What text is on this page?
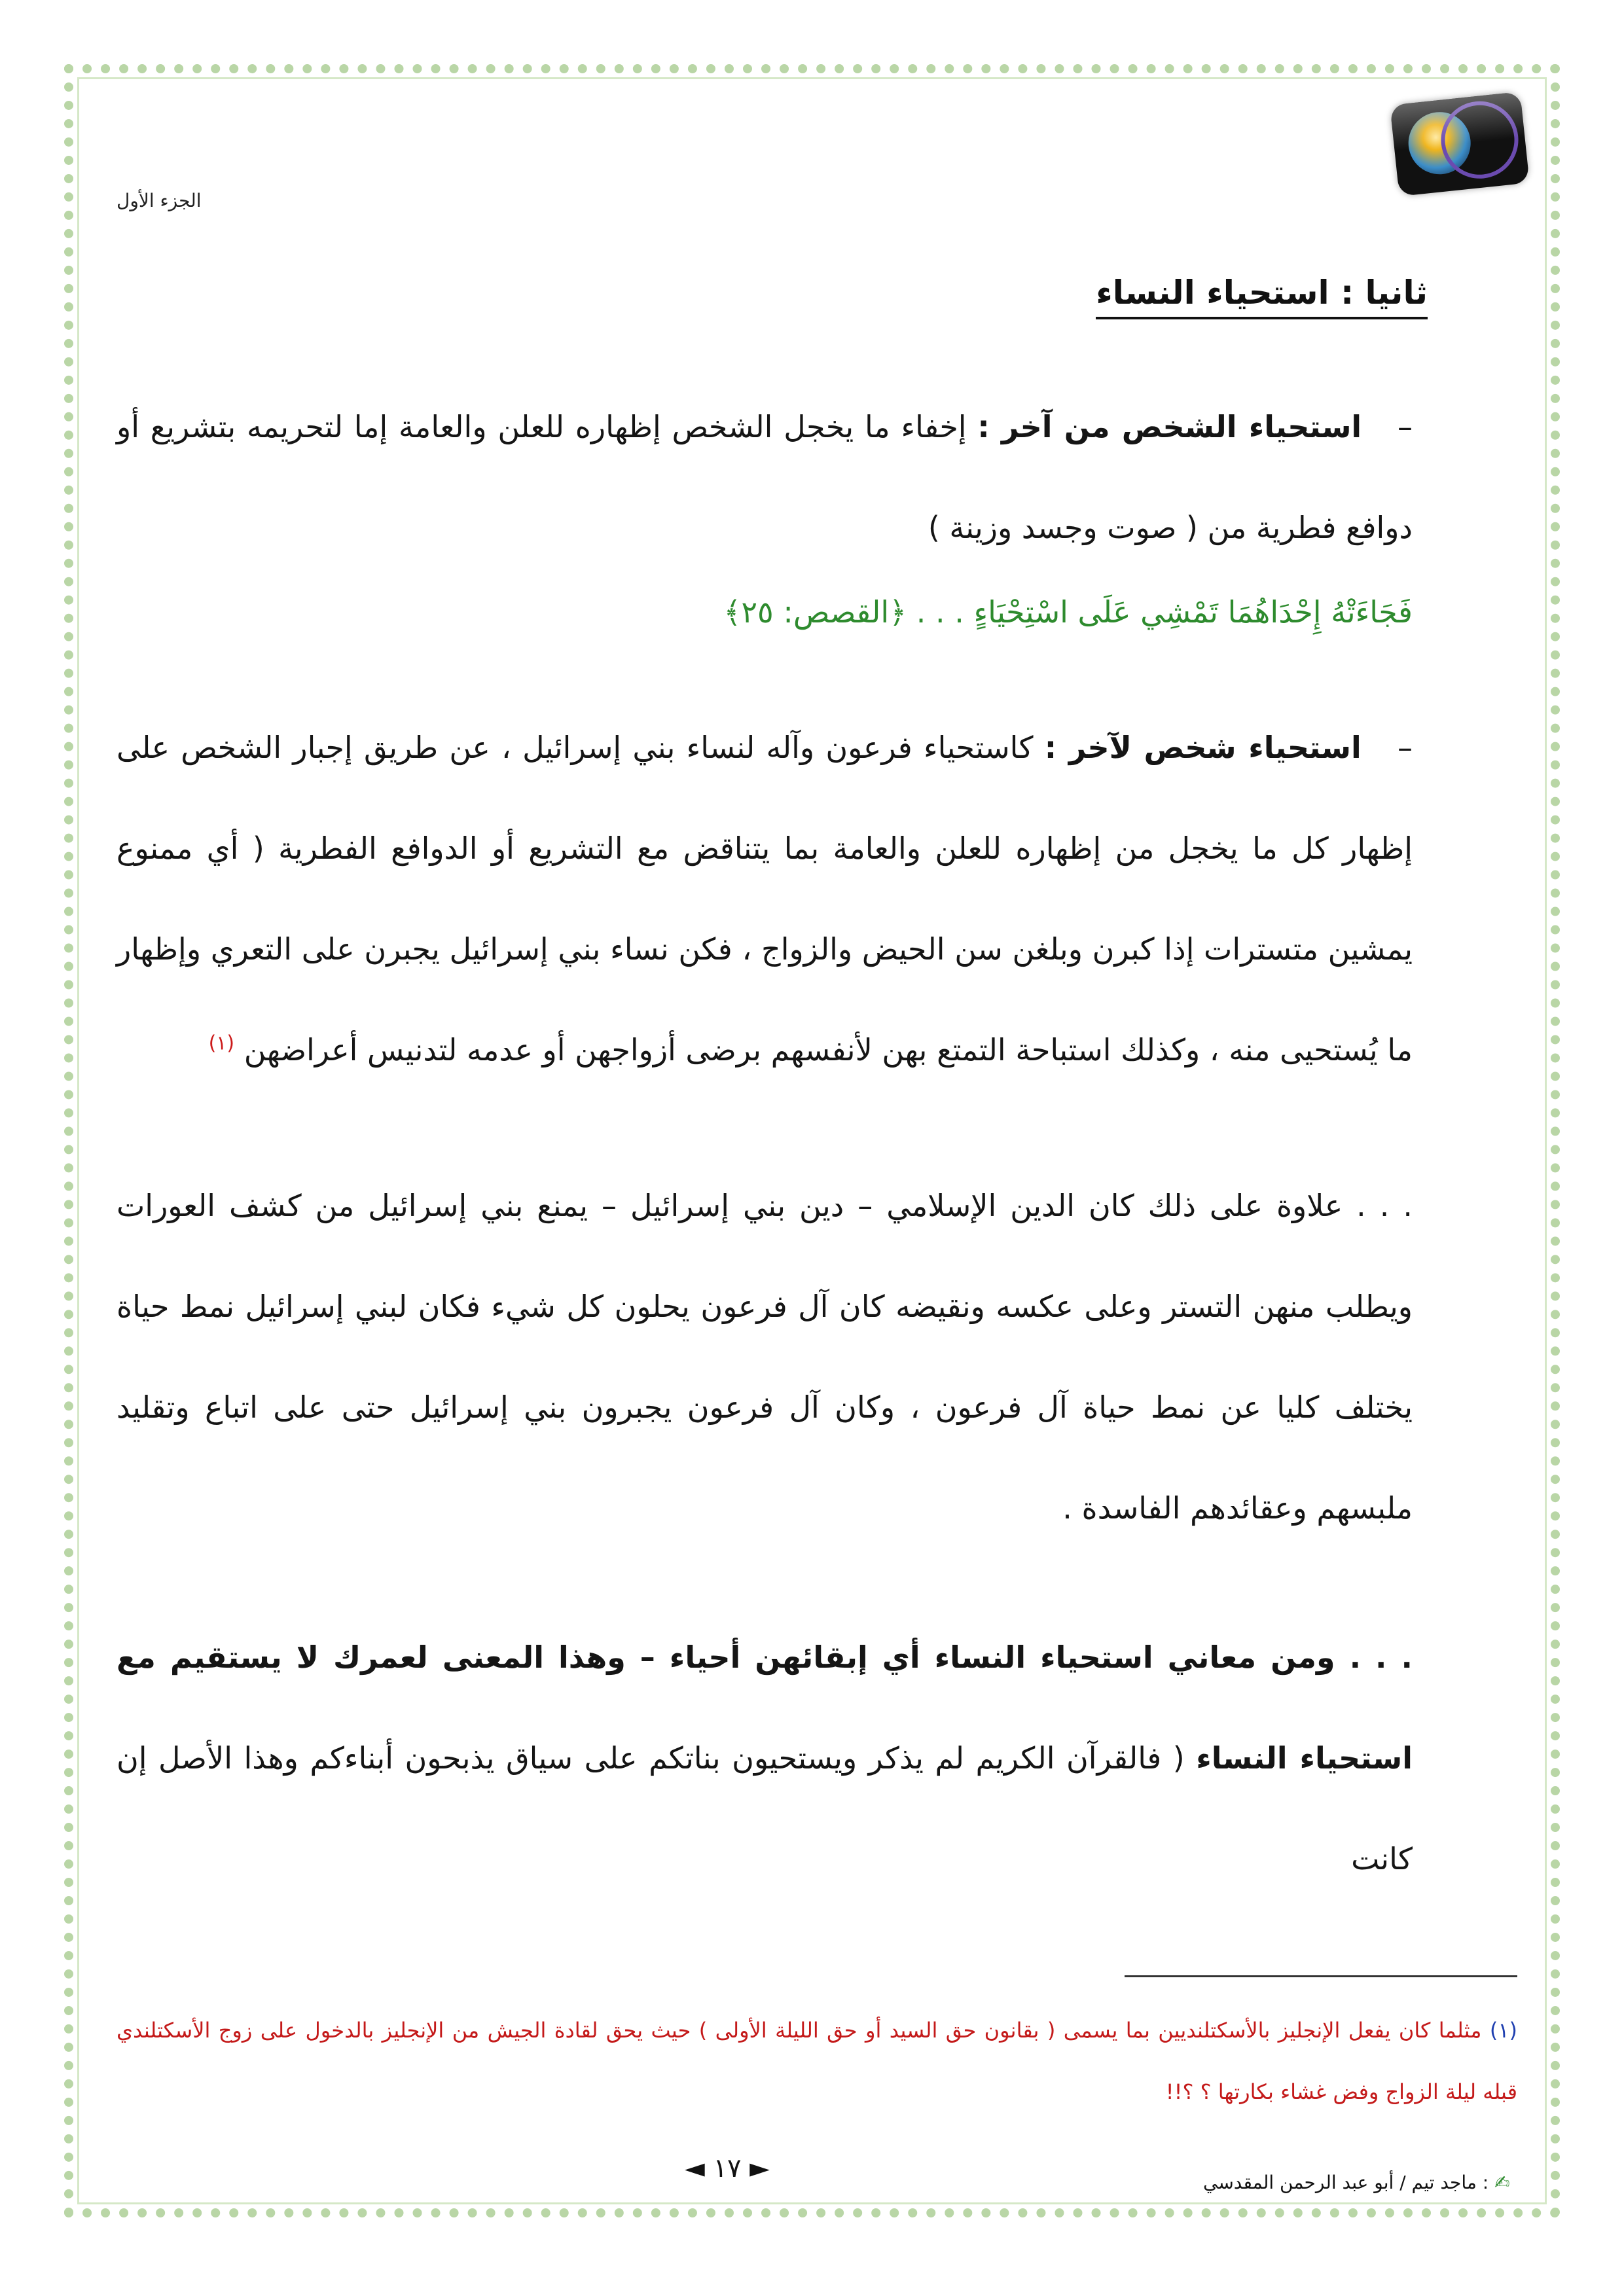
الجزء الأول
ثانيا : استحياء النساء
– استحياء الشخص من آخر : إخفاء ما يخجل الشخص إظهاره للعلن والعامة إما لتحريمه بتشريع أو دوافع فطرية من ( صوت وجسد وزينة )
فَجَاءَتْهُ إِحْدَاهُمَا تَمْشِي عَلَى اسْتِحْيَاءٍ . . . ﴿القصص: ٢٥﴾
– استحياء شخص لآخر : كاستحياء فرعون وآله لنساء بني إسرائيل ، عن طريق إجبار الشخص على إظهار كل ما يخجل من إظهاره للعلن والعامة بما يتناقض مع التشريع أو الدوافع الفطرية ( أي ممنوع يمشين متسترات إذا كبرن وبلغن سن الحيض والزواج ، فكن نساء بني إسرائيل يجبرن على التعري وإظهار ما يُستحيى منه ، وكذلك استباحة التمتع بهن لأنفسهم برضى أزواجهن أو عدمه لتدنيس أعراضهن $^{(١)}$
. . . علاوة على ذلك كان الدين الإسلامي – دين بني إسرائيل – يمنع بني إسرائيل من كشف العورات ويطلب منهن التستر وعلى عكسه ونقيضه كان آل فرعون يحلون كل شيء فكان لبني إسرائيل نمط حياة يختلف كليا عن نمط حياة آل فرعون ، وكان آل فرعون يجبرون بني إسرائيل حتى على اتباع وتقليد ملبسهم وعقائدهم الفاسدة .
. . . ومن معاني استحياء النساء أي إبقائهن أحياء – وهذا المعنى لعمرك لا يستقيم مع استحياء النساء ( فالقرآن الكريم لم يذكر ويستحيون بناتكم على سياق يذبحون أبناءكم وهذا الأصل إن كانت
(١) مثلما كان يفعل الإنجليز بالأسكتلنديين بما يسمى ( بقانون حق السيد أو حق الليلة الأولى ) حيث يحق لقادة الجيش من الإنجليز بالدخول على زوج الأسكتلندي قبله ليلة الزواج وفض غشاء بكارتها ؟ ؟!!
◄ ١٧ ►	✍ : ماجد تيم / أبو عبد الرحمن المقدسي
